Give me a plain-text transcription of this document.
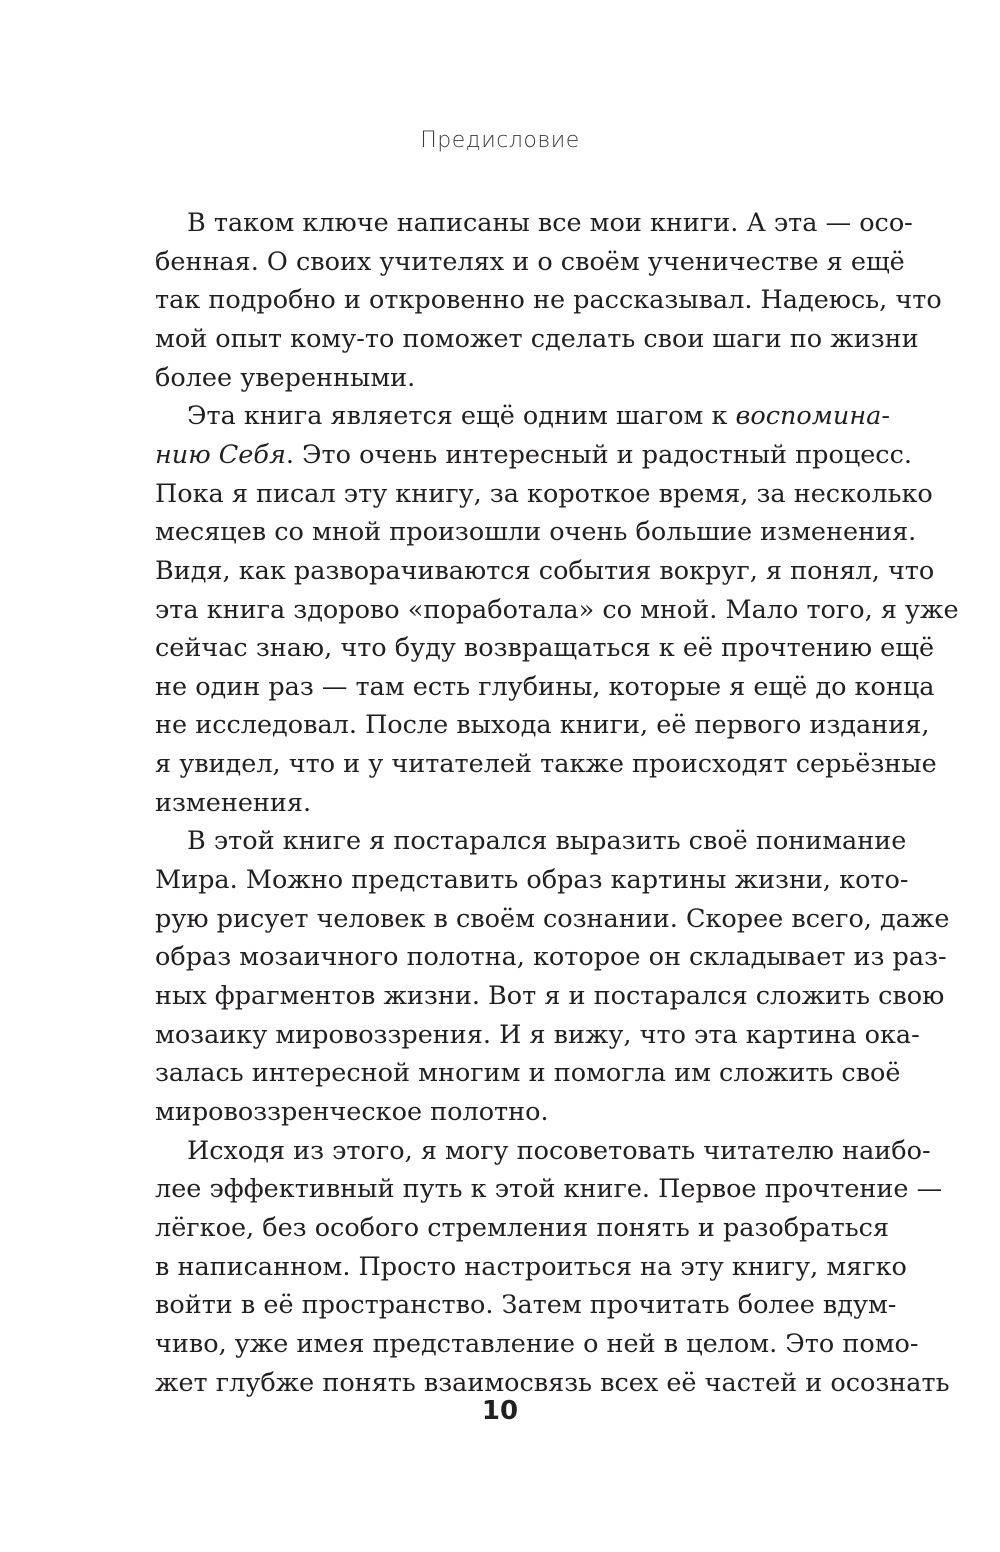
Предисловие
В таком ключе написаны все мои книги. А эта — осо-
бенная. О своих учителях и о своём ученичестве я ещё
так подробно и откровенно не рассказывал. Надеюсь, что
мой опыт кому-то поможет сделать свои шаги по жизни
более уверенными.
Эта книга является ещё одним шагом к воспомина-
нию Себя. Это очень интересный и радостный процесс.
Пока я писал эту книгу, за короткое время, за несколько
месяцев со мной произошли очень большие изменения.
Видя, как разворачиваются события вокруг, я понял, что
эта книга здорово «поработала» со мной. Мало того, я уже
сейчас знаю, что буду возвращаться к её прочтению ещё
не один раз — там есть глубины, которые я ещё до конца
не исследовал. После выхода книги, её первого издания,
я увидел, что и у читателей также происходят серьёзные
изменения.
В этой книге я постарался выразить своё понимание
Мира. Можно представить образ картины жизни, кото-
рую рисует человек в своём сознании. Скорее всего, даже
образ мозаичного полотна, которое он складывает из раз-
ных фрагментов жизни. Вот я и постарался сложить свою
мозаику мировоззрения. И я вижу, что эта картина ока-
залась интересной многим и помогла им сложить своё
мировоззренческое полотно.
Исходя из этого, я могу посоветовать читателю наибо-
лее эффективный путь к этой книге. Первое прочтение —
лёгкое, без особого стремления понять и разобраться
в написанном. Просто настроиться на эту книгу, мягко
войти в её пространство. Затем прочитать более вдум-
чиво, уже имея представление о ней в целом. Это помо-
10
жет глубже понять взаимосвязь всех её частей и осознать
